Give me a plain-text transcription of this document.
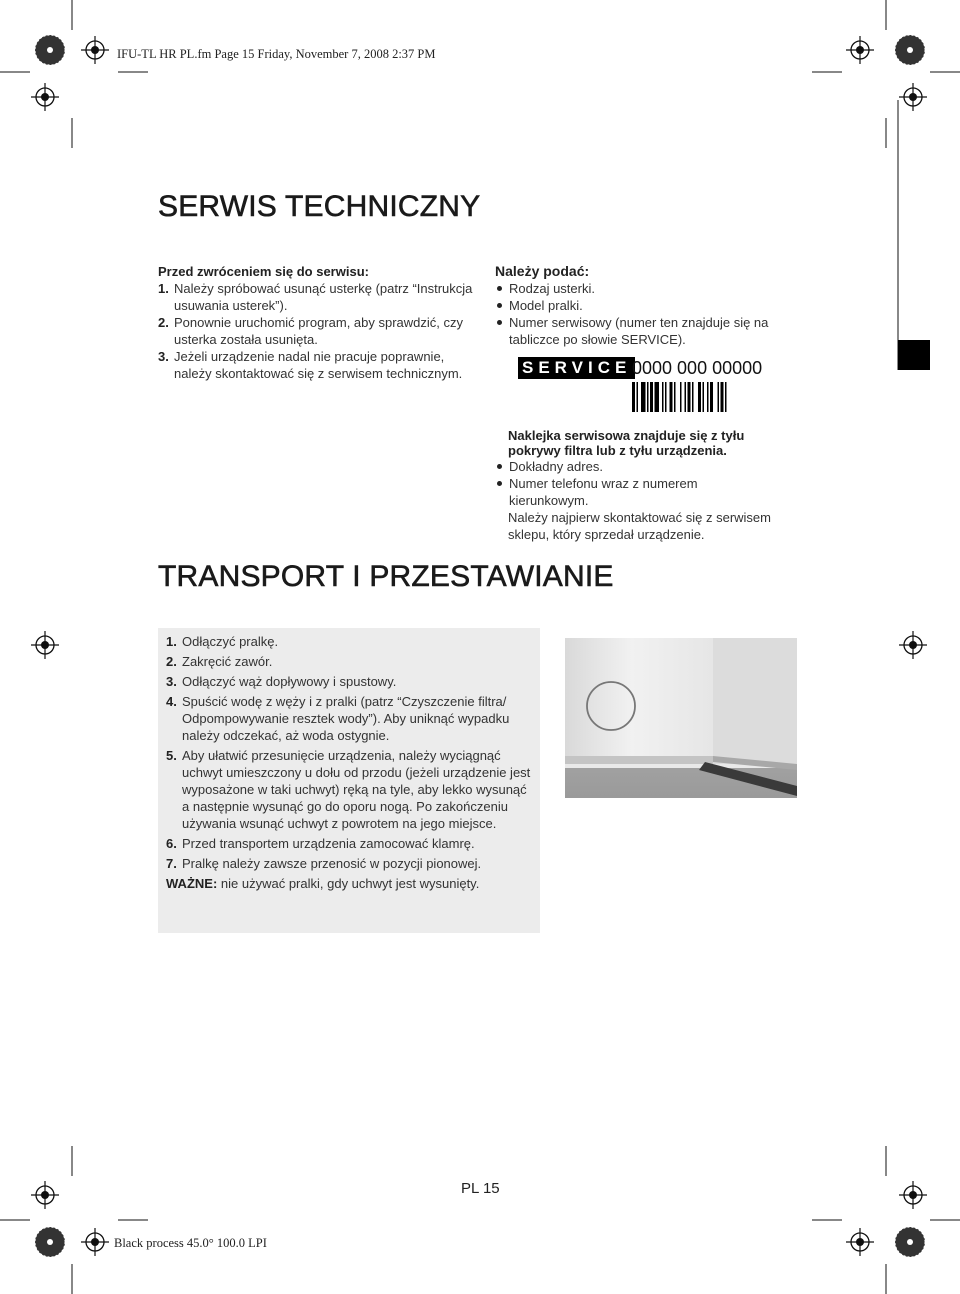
IFU-TL HR PL.fm Page 15 Friday, November 7, 2008 2:37 PM
Black process 45.0° 100.0 LPI
SERWIS TECHNICZNY
Przed zwróceniem się do serwisu:
1. Należy spróbować usunąć usterkę (patrz “Instrukcja usuwania usterek”).
2. Ponownie uruchomić program, aby sprawdzić, czy usterka została usunięta.
3. Jeżeli urządzenie nadal nie pracuje poprawnie, należy skontaktować się z serwisem technicznym.
Należy podać:
Rodzaj usterki.
Model pralki.
Numer serwisowy (numer ten znajduje się na tabliczce po słowie SERVICE).
SERVICE 0000 000 00000
Naklejka serwisowa znajduje się z tyłu pokrywy filtra lub z tyłu urządzenia.
Dokładny adres.
Numer telefonu wraz z numerem kierunkowym.
Należy najpierw skontaktować się z serwisem sklepu, który sprzedał urządzenie.
TRANSPORT I PRZESTAWIANIE
1. Odłączyć pralkę.
2. Zakręcić zawór.
3. Odłączyć wąż dopływowy i spustowy.
4. Spuścić wodę z węży i z pralki (patrz “Czyszczenie filtra/ Odpompowywanie resztek wody”). Aby uniknąć wypadku należy odczekać, aż woda ostygnie.
5. Aby ułatwić przesunięcie urządzenia, należy wyciągnąć uchwyt umieszczony u dołu od przodu (jeżeli urządzenie jest wyposażone w taki uchwyt) ręką na tyle, aby lekko wysunąć a następnie wysunąć go do oporu nogą. Po zakończeniu używania wsunąć uchwyt z powrotem na jego miejsce.
6. Przed transportem urządzenia zamocować klamrę.
7. Pralkę należy zawsze przenosić w pozycji pionowej.
WAŻNE: nie używać pralki, gdy uchwyt jest wysunięty.
PL 15
